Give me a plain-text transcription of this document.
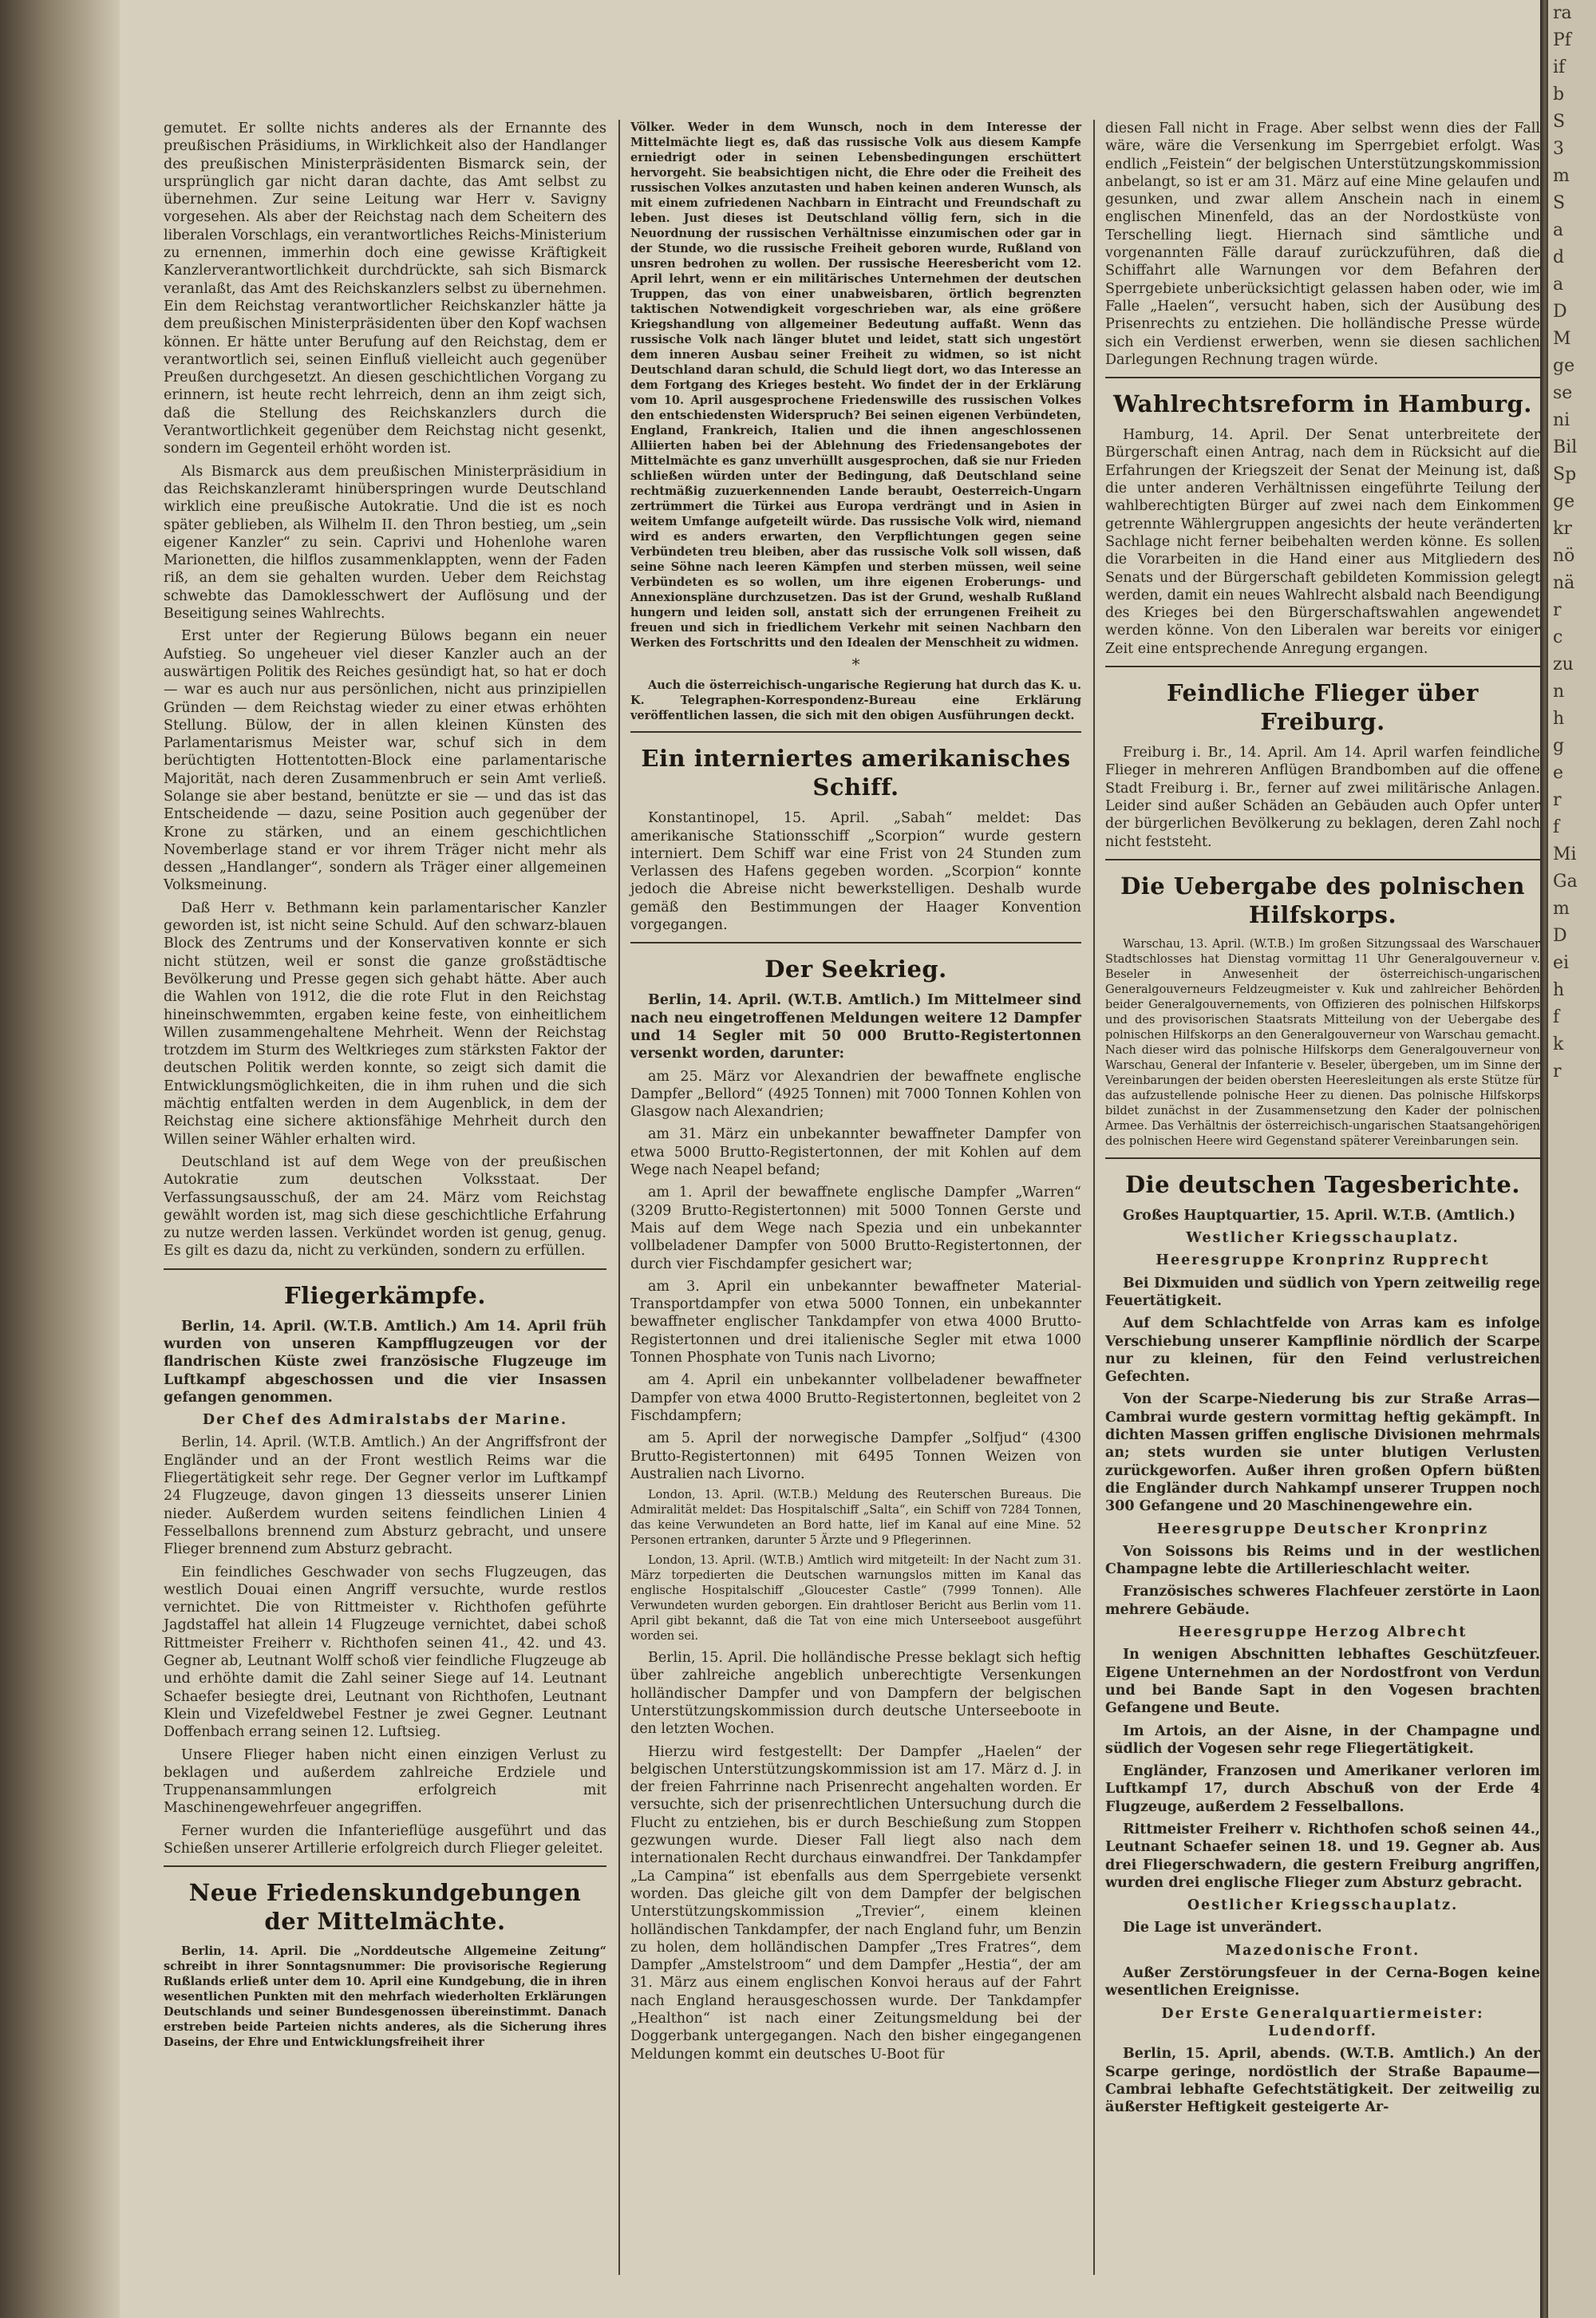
gemutet. Er sollte nichts anderes als der Ernannte des preußischen Präsidiums, in Wirklichkeit also der Handlanger des preußischen Ministerpräsidenten Bismarck sein, der ursprünglich gar nicht daran dachte, das Amt selbst zu übernehmen. Zur seine Leitung war Herr v. Savigny vorgesehen. Als aber der Reichstag nach dem Scheitern des liberalen Vorschlags, ein verantwortliches Reichs-Ministerium zu ernennen, immerhin doch eine gewisse Kräftigkeit Kanzlerverantwortlichkeit durchdrückte, sah sich Bismarck veranlaßt, das Amt des Reichskanzlers selbst zu übernehmen. Ein dem Reichstag verantwortlicher Reichskanzler hätte ja dem preußischen Ministerpräsidenten über den Kopf wachsen können. Er hätte unter Berufung auf den Reichstag, dem er verantwortlich sei, seinen Einfluß vielleicht auch gegenüber Preußen durchgesetzt. An diesen geschichtlichen Vorgang zu erinnern, ist heute recht lehrreich, denn an ihm zeigt sich, daß die Stellung des Reichskanzlers durch die Verantwortlichkeit gegenüber dem Reichstag nicht gesenkt, sondern im Gegenteil erhöht worden ist.

Als Bismarck aus dem preußischen Ministerpräsidium in das Reichskanzleramt hinüberspringen wurde Deutschland wirklich eine preußische Autokratie. Und die ist es noch später geblieben, als Wilhelm II. den Thron bestieg, um „sein eigener Kanzler“ zu sein. Caprivi und Hohenlohe waren Marionetten, die hilflos zusammenklappten, wenn der Faden riß, an dem sie gehalten wurden. Ueber dem Reichstag schwebte das Damoklesschwert der Auflösung und der Beseitigung seines Wahlrechts.

Erst unter der Regierung Bülows begann ein neuer Aufstieg. So ungeheuer viel dieser Kanzler auch an der auswärtigen Politik des Reiches gesündigt hat, so hat er doch — war es auch nur aus persönlichen, nicht aus prinzipiellen Gründen — dem Reichstag wieder zu einer etwas erhöhten Stellung. Bülow, der in allen kleinen Künsten des Parlamentarismus Meister war, schuf sich in dem berüchtigten Hottentotten-Block eine parlamentarische Majorität, nach deren Zusammenbruch er sein Amt verließ. Solange sie aber bestand, benützte er sie — und das ist das Entscheidende — dazu, seine Position auch gegenüber der Krone zu stärken, und an einem geschichtlichen Novemberlage stand er vor ihrem Träger nicht mehr als dessen „Handlanger“, sondern als Träger einer allgemeinen Volksmeinung.

Daß Herr v. Bethmann kein parlamentarischer Kanzler geworden ist, ist nicht seine Schuld. Auf den schwarz-blauen Block des Zentrums und der Konservativen konnte er sich nicht stützen, weil er sonst die ganze großstädtische Bevölkerung und Presse gegen sich gehabt hätte. Aber auch die Wahlen von 1912, die die rote Flut in den Reichstag hineinschwemmten, ergaben keine feste, von einheitlichem Willen zusammengehaltene Mehrheit. Wenn der Reichstag trotzdem im Sturm des Weltkrieges zum stärksten Faktor der deutschen Politik werden konnte, so zeigt sich damit die Entwicklungsmöglichkeiten, die in ihm ruhen und die sich mächtig entfalten werden in dem Augenblick, in dem der Reichstag eine sichere aktionsfähige Mehrheit durch den Willen seiner Wähler erhalten wird.

Deutschland ist auf dem Wege von der preußischen Autokratie zum deutschen Volksstaat. Der Verfassungsausschuß, der am 24. März vom Reichstag gewählt worden ist, mag sich diese geschichtliche Erfahrung zu nutze werden lassen. Verkündet worden ist genug, genug. Es gilt es dazu da, nicht zu verkünden, sondern zu erfüllen.

Fliegerkämpfe.

Berlin, 14. April. (W.T.B. Amtlich.) Am 14. April früh wurden von unseren Kampfflugzeugen vor der flandrischen Küste zwei französische Flugzeuge im Luftkampf abgeschossen und die vier Insassen gefangen genommen.

Der Chef des Admiralstabs der Marine.

Berlin, 14. April. (W.T.B. Amtlich.) An der Angriffsfront der Engländer und an der Front westlich Reims war die Fliegertätigkeit sehr rege. Der Gegner verlor im Luftkampf 24 Flugzeuge, davon gingen 13 diesseits unserer Linien nieder. Außerdem wurden seitens feindlichen Linien 4 Fesselballons brennend zum Absturz gebracht, und unsere Flieger brennend zum Absturz gebracht.

Ein feindliches Geschwader von sechs Flugzeugen, das westlich Douai einen Angriff versuchte, wurde restlos vernichtet. Die von Rittmeister v. Richthofen geführte Jagdstaffel hat allein 14 Flugzeuge vernichtet, dabei schoß Rittmeister Freiherr v. Richthofen seinen 41., 42. und 43. Gegner ab, Leutnant Wolff schoß vier feindliche Flugzeuge ab und erhöhte damit die Zahl seiner Siege auf 14. Leutnant Schaefer besiegte drei, Leutnant von Richthofen, Leutnant Klein und Vizefeldwebel Festner je zwei Gegner. Leutnant Doffenbach errang seinen 12. Luftsieg.

Unsere Flieger haben nicht einen einzigen Verlust zu beklagen und außerdem zahlreiche Erdziele und Truppenansammlungen erfolgreich mit Maschinengewehrfeuer angegriffen.

Ferner wurden die Infanterieflüge ausgeführt und das Schießen unserer Artillerie erfolgreich durch Flieger geleitet.

Neue Friedenskundgebungen der Mittelmächte.

Berlin, 14. April. Die „Norddeutsche Allgemeine Zeitung“ schreibt in ihrer Sonntagsnummer: Die provisorische Regierung Rußlands erließ unter dem 10. April eine Kundgebung, die in ihren wesentlichen Punkten mit den mehrfach wiederholten Erklärungen Deutschlands und seiner Bundesgenossen übereinstimmt. Danach erstreben beide Parteien nichts anderes, als die Sicherung ihres Daseins, der Ehre und Entwicklungsfreiheit ihrer

Völker. Weder in dem Wunsch, noch in dem Interesse der Mittelmächte liegt es, daß das russische Volk aus diesem Kampfe erniedrigt oder in seinen Lebensbedingungen erschüttert hervorgeht. Sie beabsichtigen nicht, die Ehre oder die Freiheit des russischen Volkes anzutasten und haben keinen anderen Wunsch, als mit einem zufriedenen Nachbarn in Eintracht und Freundschaft zu leben. Just dieses ist Deutschland völlig fern, sich in die Neuordnung der russischen Verhältnisse einzumischen oder gar in der Stunde, wo die russische Freiheit geboren wurde, Rußland von unsren bedrohen zu wollen. Der russische Heeresbericht vom 12. April lehrt, wenn er ein militärisches Unternehmen der deutschen Truppen, das von einer unabweisbaren, örtlich begrenzten taktischen Notwendigkeit vorgeschrieben war, als eine größere Kriegshandlung von allgemeiner Bedeutung auffaßt. Wenn das russische Volk nach länger blutet und leidet, statt sich ungestört dem inneren Ausbau seiner Freiheit zu widmen, so ist nicht Deutschland daran schuld, die Schuld liegt dort, wo das Interesse an dem Fortgang des Krieges besteht. Wo findet der in der Erklärung vom 10. April ausgesprochene Friedenswille des russischen Volkes den entschiedensten Widerspruch? Bei seinen eigenen Verbündeten, England, Frankreich, Italien und die ihnen angeschlossenen Alliierten haben bei der Ablehnung des Friedensangebotes der Mittelmächte es ganz unverhüllt ausgesprochen, daß sie nur Frieden schließen würden unter der Bedingung, daß Deutschland seine rechtmäßig zuzuerkennenden Lande beraubt, Oesterreich-Ungarn zertrümmert die Türkei aus Europa verdrängt und in Asien in weitem Umfange aufgeteilt würde. Das russische Volk wird, niemand wird es anders erwarten, den Verpflichtungen gegen seine Verbündeten treu bleiben, aber das russische Volk soll wissen, daß seine Söhne nach leeren Kämpfen und sterben müssen, weil seine Verbündeten es so wollen, um ihre eigenen Eroberungs- und Annexionspläne durchzusetzen. Das ist der Grund, weshalb Rußland hungern und leiden soll, anstatt sich der errungenen Freiheit zu freuen und sich in friedlichem Verkehr mit seinen Nachbarn den Werken des Fortschritts und den Idealen der Menschheit zu widmen.

*

Auch die österreichisch-ungarische Regierung hat durch das K. u. K. Telegraphen-Korrespondenz-Bureau eine Erklärung veröffentlichen lassen, die sich mit den obigen Ausführungen deckt.

Ein interniertes amerikanisches Schiff.

Konstantinopel, 15. April. „Sabah“ meldet: Das amerikanische Stationsschiff „Scorpion“ wurde gestern interniert. Dem Schiff war eine Frist von 24 Stunden zum Verlassen des Hafens gegeben worden. „Scorpion“ konnte jedoch die Abreise nicht bewerkstelligen. Deshalb wurde gemäß den Bestimmungen der Haager Konvention vorgegangen.

Der Seekrieg.

Berlin, 14. April. (W.T.B. Amtlich.) Im Mittelmeer sind nach neu eingetroffenen Meldungen weitere 12 Dampfer und 14 Segler mit 50 000 Brutto-Registertonnen versenkt worden, darunter:

am 25. März vor Alexandrien der bewaffnete englische Dampfer „Bellord“ (4925 Tonnen) mit 7000 Tonnen Kohlen von Glasgow nach Alexandrien;

am 31. März ein unbekannter bewaffneter Dampfer von etwa 5000 Brutto-Registertonnen, der mit Kohlen auf dem Wege nach Neapel befand;

am 1. April der bewaffnete englische Dampfer „Warren“ (3209 Brutto-Registertonnen) mit 5000 Tonnen Gerste und Mais auf dem Wege nach Spezia und ein unbekannter vollbeladener Dampfer von 5000 Brutto-Registertonnen, der durch vier Fischdampfer gesichert war;

am 3. April ein unbekannter bewaffneter Material-Transportdampfer von etwa 5000 Tonnen, ein unbekannter bewaffneter englischer Tankdampfer von etwa 4000 Brutto-Registertonnen und drei italienische Segler mit etwa 1000 Tonnen Phosphate von Tunis nach Livorno;

am 4. April ein unbekannter vollbeladener bewaffneter Dampfer von etwa 4000 Brutto-Registertonnen, begleitet von 2 Fischdampfern;

am 5. April der norwegische Dampfer „Solfjud“ (4300 Brutto-Registertonnen) mit 6495 Tonnen Weizen von Australien nach Livorno.

London, 13. April. (W.T.B.) Meldung des Reuterschen Bureaus. Die Admiralität meldet: Das Hospitalschiff „Salta“, ein Schiff von 7284 Tonnen, das keine Verwundeten an Bord hatte, lief im Kanal auf eine Mine. 52 Personen ertranken, darunter 5 Ärzte und 9 Pflegerinnen.

London, 13. April. (W.T.B.) Amtlich wird mitgeteilt: In der Nacht zum 31. März torpedierten die Deutschen warnungslos mitten im Kanal das englische Hospitalschiff „Gloucester Castle“ (7999 Tonnen). Alle Verwundeten wurden geborgen. Ein drahtloser Bericht aus Berlin vom 11. April gibt bekannt, daß die Tat von eine mich Unterseeboot ausgeführt worden sei.

Berlin, 15. April. Die holländische Presse beklagt sich heftig über zahlreiche angeblich unberechtigte Versenkungen holländischer Dampfer und von Dampfern der belgischen Unterstützungskommission durch deutsche Unterseeboote in den letzten Wochen.

Hierzu wird festgestellt: Der Dampfer „Haelen“ der belgischen Unterstützungskommission ist am 17. März d. J. in der freien Fahrrinne nach Prisenrecht angehalten worden. Er versuchte, sich der prisenrechtlichen Untersuchung durch die Flucht zu entziehen, bis er durch Beschießung zum Stoppen gezwungen wurde. Dieser Fall liegt also nach dem internationalen Recht durchaus einwandfrei. Der Tankdampfer „La Campina“ ist ebenfalls aus dem Sperrgebiete versenkt worden. Das gleiche gilt von dem Dampfer der belgischen Unterstützungskommission „Trevier“, einem kleinen holländischen Tankdampfer, der nach England fuhr, um Benzin zu holen, dem holländischen Dampfer „Tres Fratres“, dem Dampfer „Amstelstroom“ und dem Dampfer „Hestia“, der am 31. März aus einem englischen Konvoi heraus auf der Fahrt nach England herausgeschossen wurde. Der Tankdampfer „Healthon“ ist nach einer Zeitungsmeldung bei der Doggerbank untergegangen. Nach den bisher eingegangenen Meldungen kommt ein deutsches U-Boot für

diesen Fall nicht in Frage. Aber selbst wenn dies der Fall wäre, wäre die Versenkung im Sperrgebiet erfolgt. Was endlich „Feistein“ der belgischen Unterstützungskommission anbelangt, so ist er am 31. März auf eine Mine gelaufen und gesunken, und zwar allem Anschein nach in einem englischen Minenfeld, das an der Nordostküste von Terschelling liegt. Hiernach sind sämtliche und vorgenannten Fälle darauf zurückzuführen, daß die Schiffahrt alle Warnungen vor dem Befahren der Sperrgebiete unberücksichtigt gelassen haben oder, wie im Falle „Haelen“, versucht haben, sich der Ausübung des Prisenrechts zu entziehen. Die holländische Presse würde sich ein Verdienst erwerben, wenn sie diesen sachlichen Darlegungen Rechnung tragen würde.

Wahlrechtsreform in Hamburg.

Hamburg, 14. April. Der Senat unterbreitete der Bürgerschaft einen Antrag, nach dem in Rücksicht auf die Erfahrungen der Kriegszeit der Senat der Meinung ist, daß die unter anderen Verhältnissen eingeführte Teilung der wahlberechtigten Bürger auf zwei nach dem Einkommen getrennte Wählergruppen angesichts der heute veränderten Sachlage nicht ferner beibehalten werden könne. Es sollen die Vorarbeiten in die Hand einer aus Mitgliedern des Senats und der Bürgerschaft gebildeten Kommission gelegt werden, damit ein neues Wahlrecht alsbald nach Beendigung des Krieges bei den Bürgerschaftswahlen angewendet werden könne. Von den Liberalen war bereits vor einiger Zeit eine entsprechende Anregung ergangen.

Feindliche Flieger über Freiburg.

Freiburg i. Br., 14. April. Am 14. April warfen feindliche Flieger in mehreren Anflügen Brandbomben auf die offene Stadt Freiburg i. Br., ferner auf zwei militärische Anlagen. Leider sind außer Schäden an Gebäuden auch Opfer unter der bürgerlichen Bevölkerung zu beklagen, deren Zahl noch nicht feststeht.

Die Uebergabe des polnischen Hilfskorps.

Warschau, 13. April. (W.T.B.) Im großen Sitzungssaal des Warschauer Stadtschlosses hat Dienstag vormittag 11 Uhr Generalgouverneur v. Beseler in Anwesenheit der österreichisch-ungarischen Generalgouverneurs Feldzeugmeister v. Kuk und zahlreicher Behörden beider Generalgouvernements, von Offizieren des polnischen Hilfskorps und des provisorischen Staatsrats Mitteilung von der Uebergabe des polnischen Hilfskorps an den Generalgouverneur von Warschau gemacht. Nach dieser wird das polnische Hilfskorps dem Generalgouverneur von Warschau, General der Infanterie v. Beseler, übergeben, um im Sinne der Vereinbarungen der beiden obersten Heeresleitungen als erste Stütze für das aufzustellende polnische Heer zu dienen. Das polnische Hilfskorps bildet zunächst in der Zusammensetzung den Kader der polnischen Armee. Das Verhältnis der österreichisch-ungarischen Staatsangehörigen des polnischen Heere wird Gegenstand späterer Vereinbarungen sein.

Die deutschen Tagesberichte.

Großes Hauptquartier, 15. April. W.T.B. (Amtlich.)

Westlicher Kriegsschauplatz.

Heeresgruppe Kronprinz Rupprecht

Bei Dixmuiden und südlich von Ypern zeitweilig rege Feuertätigkeit.

Auf dem Schlachtfelde von Arras kam es infolge Verschiebung unserer Kampflinie nördlich der Scarpe nur zu kleinen, für den Feind verlustreichen Gefechten.

Von der Scarpe-Niederung bis zur Straße Arras—Cambrai wurde gestern vormittag heftig gekämpft. In dichten Massen griffen englische Divisionen mehrmals an; stets wurden sie unter blutigen Verlusten zurückgeworfen. Außer ihren großen Opfern büßten die Engländer durch Nahkampf unserer Truppen noch 300 Gefangene und 20 Maschinengewehre ein.

Heeresgruppe Deutscher Kronprinz

Von Soissons bis Reims und in der westlichen Champagne lebte die Artillerieschlacht weiter.

Französisches schweres Flachfeuer zerstörte in Laon mehrere Gebäude.

Heeresgruppe Herzog Albrecht

In wenigen Abschnitten lebhaftes Geschützfeuer. Eigene Unternehmen an der Nordostfront von Verdun und bei Bande Sapt in den Vogesen brachten Gefangene und Beute.

Im Artois, an der Aisne, in der Champagne und südlich der Vogesen sehr rege Fliegertätigkeit.

Engländer, Franzosen und Amerikaner verloren im Luftkampf 17, durch Abschuß von der Erde 4 Flugzeuge, außerdem 2 Fesselballons.

Rittmeister Freiherr v. Richthofen schoß seinen 44., Leutnant Schaefer seinen 18. und 19. Gegner ab. Aus drei Fliegerschwadern, die gestern Freiburg angriffen, wurden drei englische Flieger zum Absturz gebracht.

Oestlicher Kriegsschauplatz.

Die Lage ist unverändert.

Mazedonische Front.

Außer Zerstörungsfeuer in der Cerna-Bogen keine wesentlichen Ereignisse.

Der Erste Generalquartiermeister: Ludendorff.

Berlin, 15. April, abends. (W.T.B. Amtlich.) An der Scarpe geringe, nordöstlich der Straße Bapaume—Cambrai lebhafte Gefechtstätigkeit. Der zeitweilig zu äußerster Heftigkeit gesteigerte Ar-

ra
Pf
if
b
S
3
m
S
a
d
a
D
M
ge
se
ni
Bil
Sp
ge
kr
nö
nä
r
c
zu
n
h
g
e
r
f
Mi
Ga
m
D
ei
h
f
k
r
